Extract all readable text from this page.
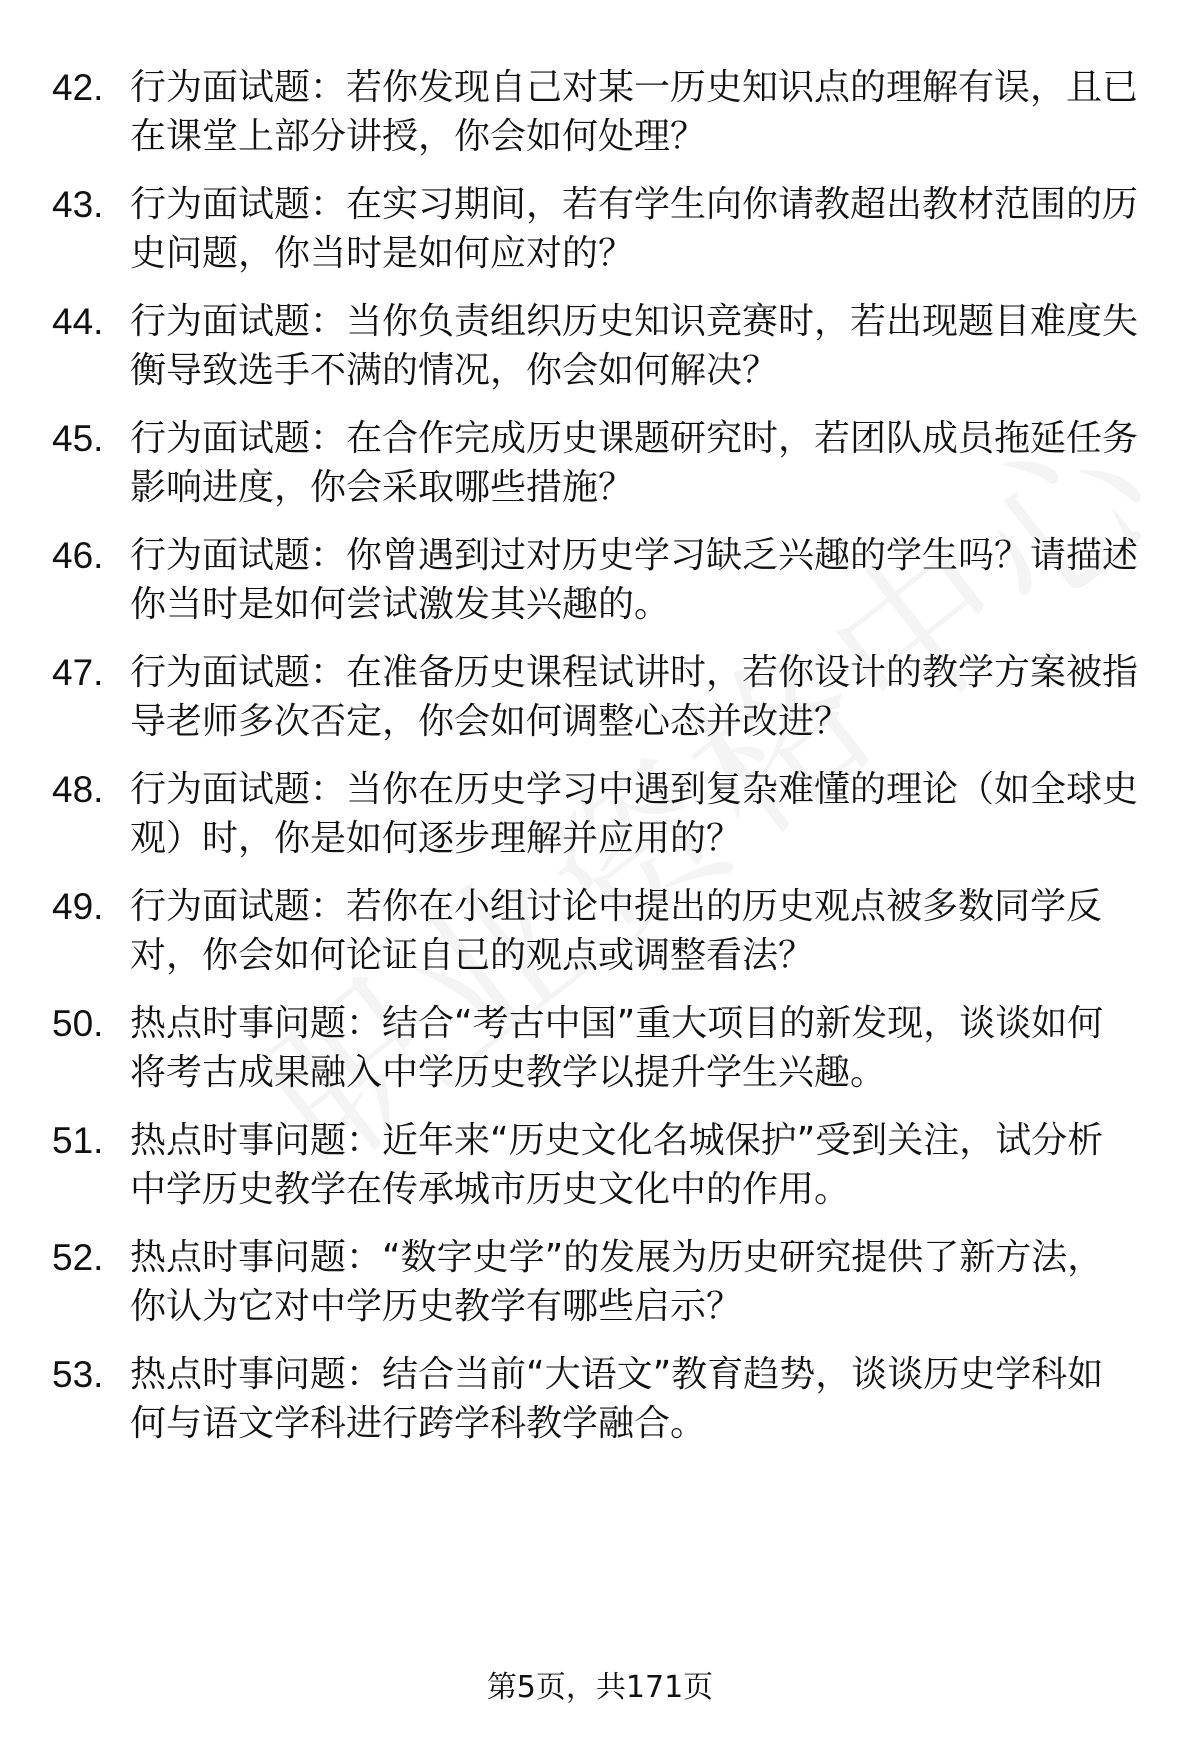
42. 行为面试题：若你发现自己对某一历史知识点的理解有误，且已
在课堂上部分讲授，你会如何处理？
43. 行为面试题：在实习期间，若有学生向你请教超出教材范围的历
史问题，你当时是如何应对的？
44. 行为面试题：当你负责组织历史知识竞赛时，若出现题目难度失
衡导致选手不满的情况，你会如何解决？
45. 行为面试题：在合作完成历史课题研究时，若团队成员拖延任务
影响进度，你会采取哪些措施？
46. 行为面试题：你曾遇到过对历史学习缺乏兴趣的学生吗？请描述
你当时是如何尝试激发其兴趣的。
47. 行为面试题：在准备历史课程试讲时，若你设计的教学方案被指
导老师多次否定，你会如何调整心态并改进？
48. 行为面试题：当你在历史学习中遇到复杂难懂的理论（如全球史
观）时，你是如何逐步理解并应用的？
49. 行为面试题：若你在小组讨论中提出的历史观点被多数同学反
对，你会如何论证自己的观点或调整看法？
50. 热点时事问题：结合“考古中国”重大项目的新发现，谈谈如何
将考古成果融入中学历史教学以提升学生兴趣。
51. 热点时事问题：近年来“历史文化名城保护”受到关注，试分析
中学历史教学在传承城市历史文化中的作用。
52. 热点时事问题：“数字史学”的发展为历史研究提供了新方法，
你认为它对中学历史教学有哪些启示？
53. 热点时事问题：结合当前“大语文”教育趋势，谈谈历史学科如
何与语文学科进行跨学科教学融合。
第5页，共171页
